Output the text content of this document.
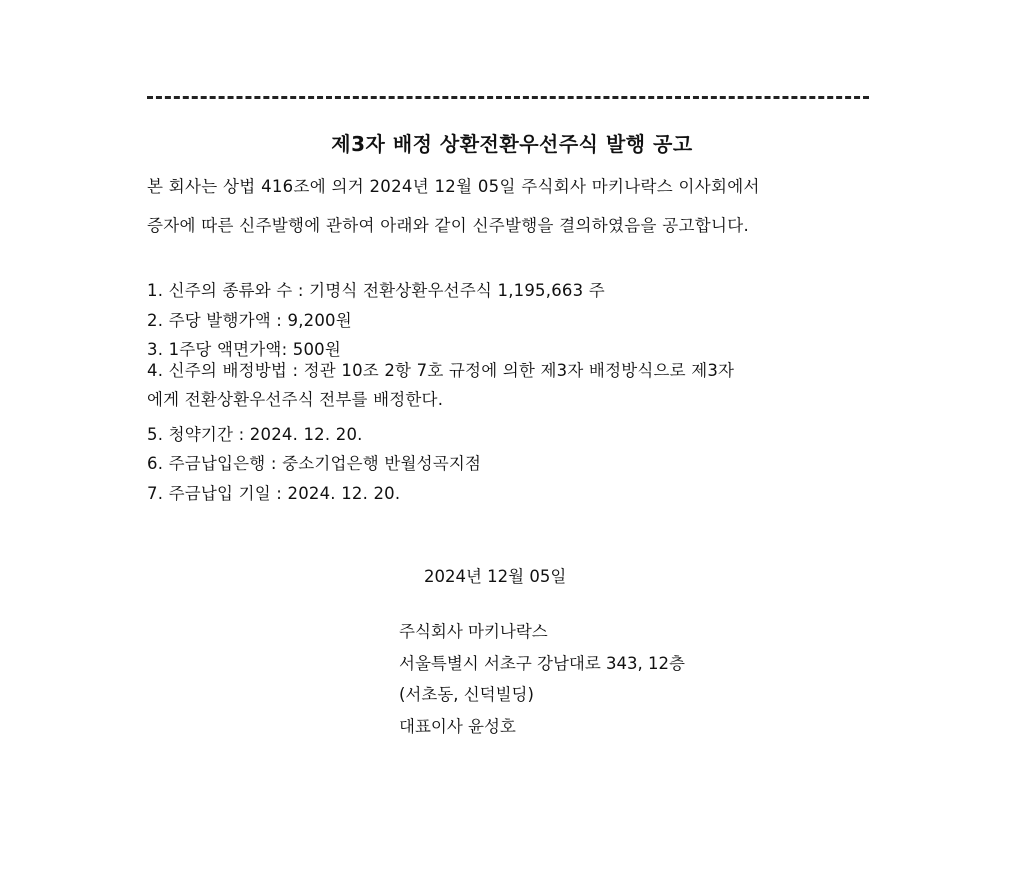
제3자 배정 상환전환우선주식 발행 공고
본 회사는 상법 416조에 의거 2024년 12월 05일 주식회사 마키나락스 이사회에서
증자에 따른 신주발행에 관하여 아래와 같이 신주발행을 결의하였음을 공고합니다.
1. 신주의 종류와 수 : 기명식 전환상환우선주식 1,195,663 주
2. 주당 발행가액 : 9,200원
3. 1주당 액면가액: 500원
4. 신주의 배정방법 : 정관 10조 2항 7호 규정에 의한 제3자 배정방식으로 제3자
에게 전환상환우선주식 전부를 배정한다.
5. 청약기간 : 2024. 12. 20.
6. 주금납입은행 : 중소기업은행 반월성곡지점
7. 주금납입 기일 : 2024. 12. 20.
2024년 12월 05일
주식회사 마키나락스
서울특별시 서초구 강남대로 343, 12층
(서초동, 신덕빌딩)
대표이사 윤성호
